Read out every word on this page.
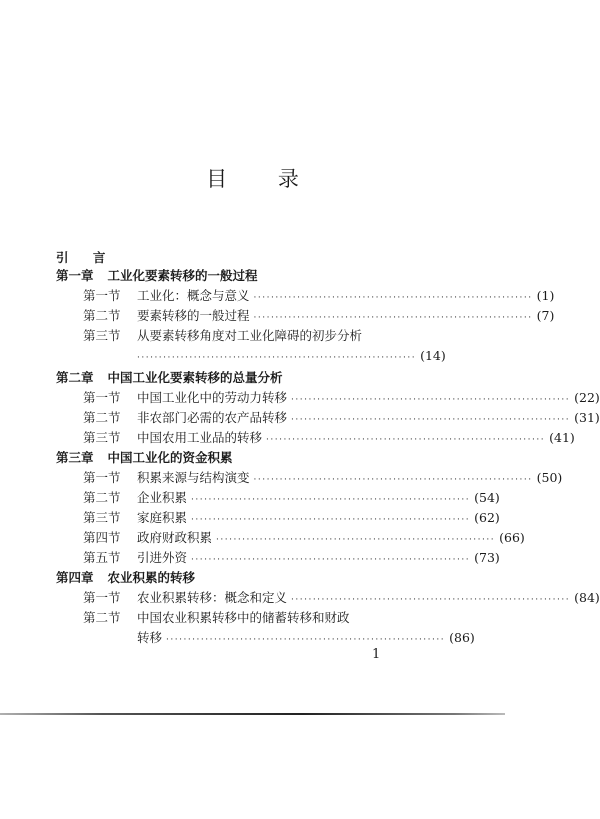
目 录
引 言
第一章 工业化要素转移的一般过程
第一节	工业化：概念与意义 ································································ (1)
第二节	要素转移的一般过程 ································································ (7)
第三节	从要素转移角度对工业化障碍的初步分析
································································ (14)
第二章 中国工业化要素转移的总量分析
第一节	中国工业化中的劳动力转移 ································································ (22)
第二节	非农部门必需的农产品转移 ································································ (31)
第三节	中国农用工业品的转移 ································································ (41)
第三章 中国工业化的资金积累
第一节	积累来源与结构演变 ································································ (50)
第二节	企业积累 ································································ (54)
第三节	家庭积累 ································································ (62)
第四节	政府财政积累 ································································ (66)
第五节	引进外资 ································································ (73)
第四章 农业积累的转移
第一节	农业积累转移：概念和定义 ································································ (84)
第二节	中国农业积累转移中的储蓄转移和财政
转移 ································································ (86)
1
